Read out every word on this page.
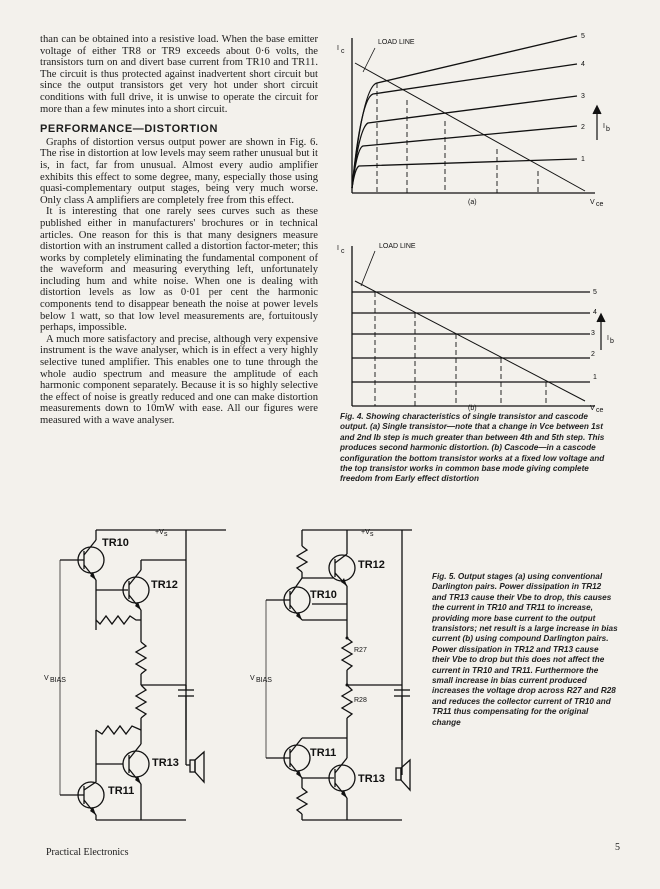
than can be obtained into a resistive load. When the base emitter voltage of either TR8 or TR9 exceeds about 0·6 volts, the transistors turn on and divert base current from TR10 and TR11. The circuit is thus protected against inadvertent short circuit but since the output transistors get very hot under short circuit conditions with full drive, it is unwise to operate the circuit for more than a few minutes into a short circuit.

PERFORMANCE—DISTORTION

Graphs of distortion versus output power are shown in Fig. 6. The rise in distortion at low levels may seem rather unusual but it is, in fact, far from unusual. Almost every audio amplifier exhibits this effect to some degree, many, especially those using quasi-complementary output stages, being very much worse. Only class A amplifiers are completely free from this effect.

It is interesting that one rarely sees curves such as these published either in manufacturers' brochures or in technical articles. One reason for this is that many designers measure distortion with an instrument called a distortion factor-meter; this works by completely eliminating the fundamental component of the waveform and measuring everything left, unfortunately including hum and white noise. When one is dealing with distortion levels as low as 0·01 per cent the harmonic components tend to disappear beneath the noise at power levels below 1 watt, so that low level measurements are, fortuitously perhaps, impossible.

A much more satisfactory and precise, although very expensive instrument is the wave analyser, which is in effect a very highly selective tuned amplifier. This enables one to tune through the whole audio spectrum and measure the amplitude of each harmonic component separately. Because it is so highly selective the effect of noise is greatly reduced and one can make distortion measurements down to 10mW with ease. All our figures were measured with a wave analyser.

I c
LOAD LINE
1
2
3
4
5
I b
(a)	V ce
I c
LOAD LINE
1
2
3
4
5
I b
(b)	V ce
Fig. 4. Showing characteristics of single transistor and cascode output. (a) Single transistor—note that a change in Vce between 1st and 2nd Ib step is much greater than between 4th and 5th step. This produces second harmonic distortion. (b) Cascode—in a cascode configuration the bottom transistor works at a fixed low voltage and the top transistor works in common base mode giving complete freedom from Early effect distortion
TR10
TR12
TR13
TR11
+V s
V BIAS
TR12
TR10
R27
R28
TR11
TR13
+V s
V BIAS
Fig. 5. Output stages (a) using conventional Darlington pairs. Power dissipation in TR12 and TR13 cause their Vbe to drop, this causes the current in TR10 and TR11 to increase, providing more base current to the output transistors; net result is a large increase in bias current (b) using compound Darlington pairs. Power dissipation in TR12 and TR13 cause their Vbe to drop but this does not affect the current in TR10 and TR11. Furthermore the small increase in bias current produced increases the voltage drop across R27 and R28 and reduces the collector current of TR10 and TR11 thus compensating for the original change
Practical Electronics	5
